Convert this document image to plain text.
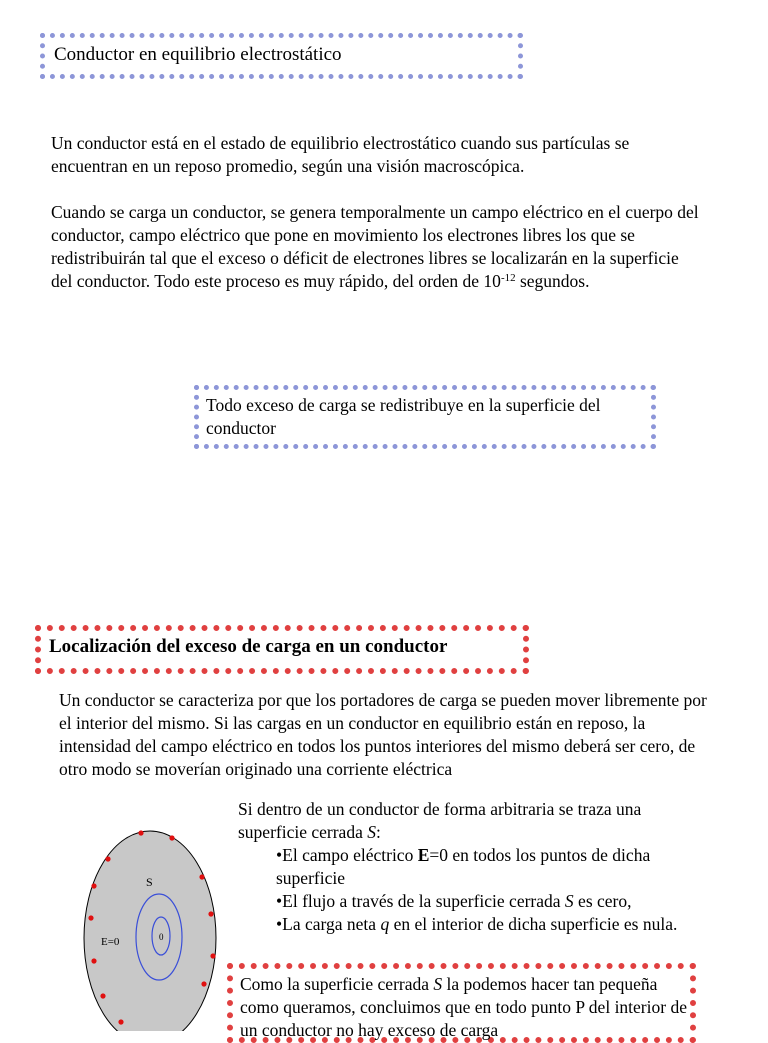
Conductor en equilibrio electrostático

Un conductor está en el estado de equilibrio electrostático cuando sus partículas se encuentran en un reposo promedio, según una visión macroscópica.

Cuando se carga un conductor, se genera temporalmente un campo eléctrico en el cuerpo del conductor, campo eléctrico que pone en movimiento los electrones libres los que se redistribuirán tal que el exceso o déficit de electrones libres se localizarán en la superficie del conductor. Todo este proceso es muy rápido, del orden de $10^{-12}$ segundos.

Todo exceso de carga se redistribuye en la superficie del conductor
Localización del exceso de carga en un conductor

Un conductor se caracteriza por que los portadores de carga se pueden mover libremente por el interior del mismo. Si las cargas en un conductor en equilibrio están en reposo, la intensidad del campo eléctrico en todos los puntos interiores del mismo deberá ser cero, de otro modo se moverían originado una corriente eléctrica

Si dentro de un conductor de forma arbitraria se traza una superficie cerrada S:
• El campo eléctrico E=0 en todos los puntos de dicha superficie
• El flujo a través de la superficie cerrada S es cero,
• La carga neta q en el interior de dicha superficie es nula.
Como la superficie cerrada S la podemos hacer tan pequeña como queramos, concluimos que en todo punto P del interior de un conductor no hay exceso de carga
S
E=0	0
